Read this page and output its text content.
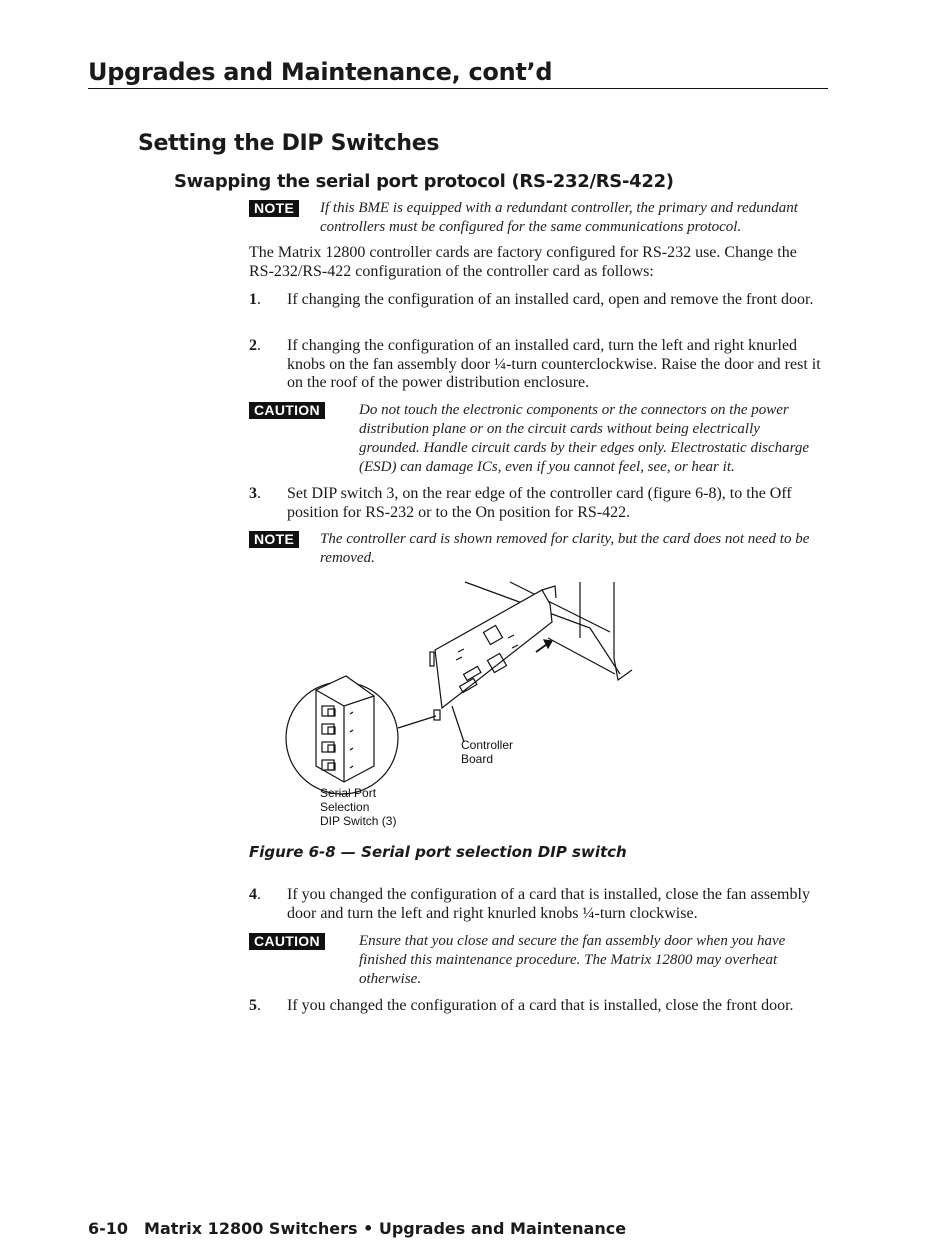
Upgrades and Maintenance, cont’d
Setting the DIP Switches
Swapping the serial port protocol (RS-232/RS-422)
NOTE	If this BME is equipped with a redundant controller, the primary and redundant controllers must be configured for the same communications protocol.
The Matrix 12800 controller cards are factory configured for RS-232 use. Change the RS-232/RS-422 configuration of the controller card as follows:
1. If changing the configuration of an installed card, open and remove the front door.
2. If changing the configuration of an installed card, turn the left and right knurled knobs on the fan assembly door ¼-turn counterclockwise. Raise the door and rest it on the roof of the power distribution enclosure.
CAUTION	Do not touch the electronic components or the connectors on the power distribution plane or on the circuit cards without being electrically grounded. Handle circuit cards by their edges only. Electrostatic discharge (ESD) can damage ICs, even if you cannot feel, see, or hear it.
3. Set DIP switch 3, on the rear edge of the controller card (figure 6-8), to the Off position for RS-232 or to the On position for RS-422.
NOTE	The controller card is shown removed for clarity, but the card does not need to be removed.
Controller
Board
Serial Port
Selection
DIP Switch (3)
Figure 6-8 — Serial port selection DIP switch
4. If you changed the configuration of a card that is installed, close the fan assembly door and turn the left and right knurled knobs ¼-turn clockwise.
CAUTION	Ensure that you close and secure the fan assembly door when you have finished this maintenance procedure. The Matrix 12800 may overheat otherwise.
5. If you changed the configuration of a card that is installed, close the front door.
6-10 Matrix 12800 Switchers • Upgrades and Maintenance
